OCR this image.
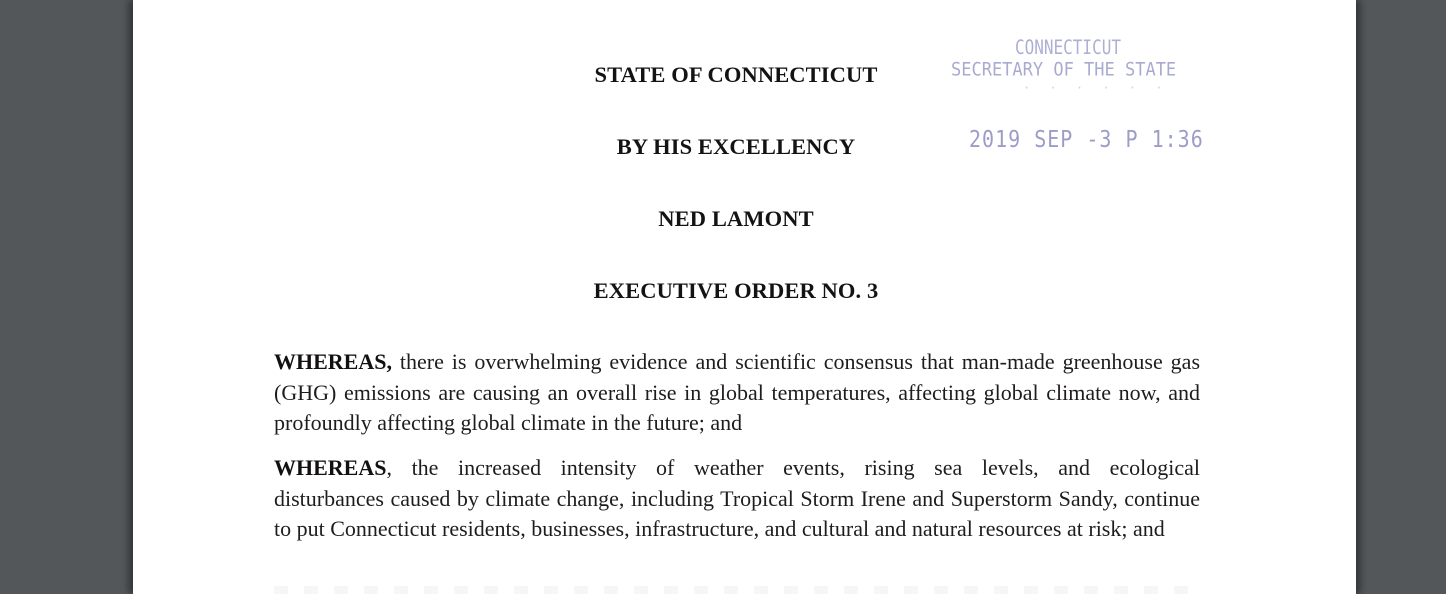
STATE OF CONNECTICUT
BY HIS EXCELLENCY
NED LAMONT
EXECUTIVE ORDER NO. 3
CONNECTICUT
SECRETARY OF THE STATE
· · · · · ·
2019 SEP -3 P 1:36
WHEREAS, there is overwhelming evidence and scientific consensus that man-made greenhouse gas (GHG) emissions are causing an overall rise in global temperatures, affecting global climate now, and profoundly affecting global climate in the future; and
WHEREAS, the increased intensity of weather events, rising sea levels, and ecological
disturbances caused by climate change, including Tropical Storm Irene and Superstorm Sandy, continue to put Connecticut residents, businesses, infrastructure, and cultural and natural resources at risk; and
